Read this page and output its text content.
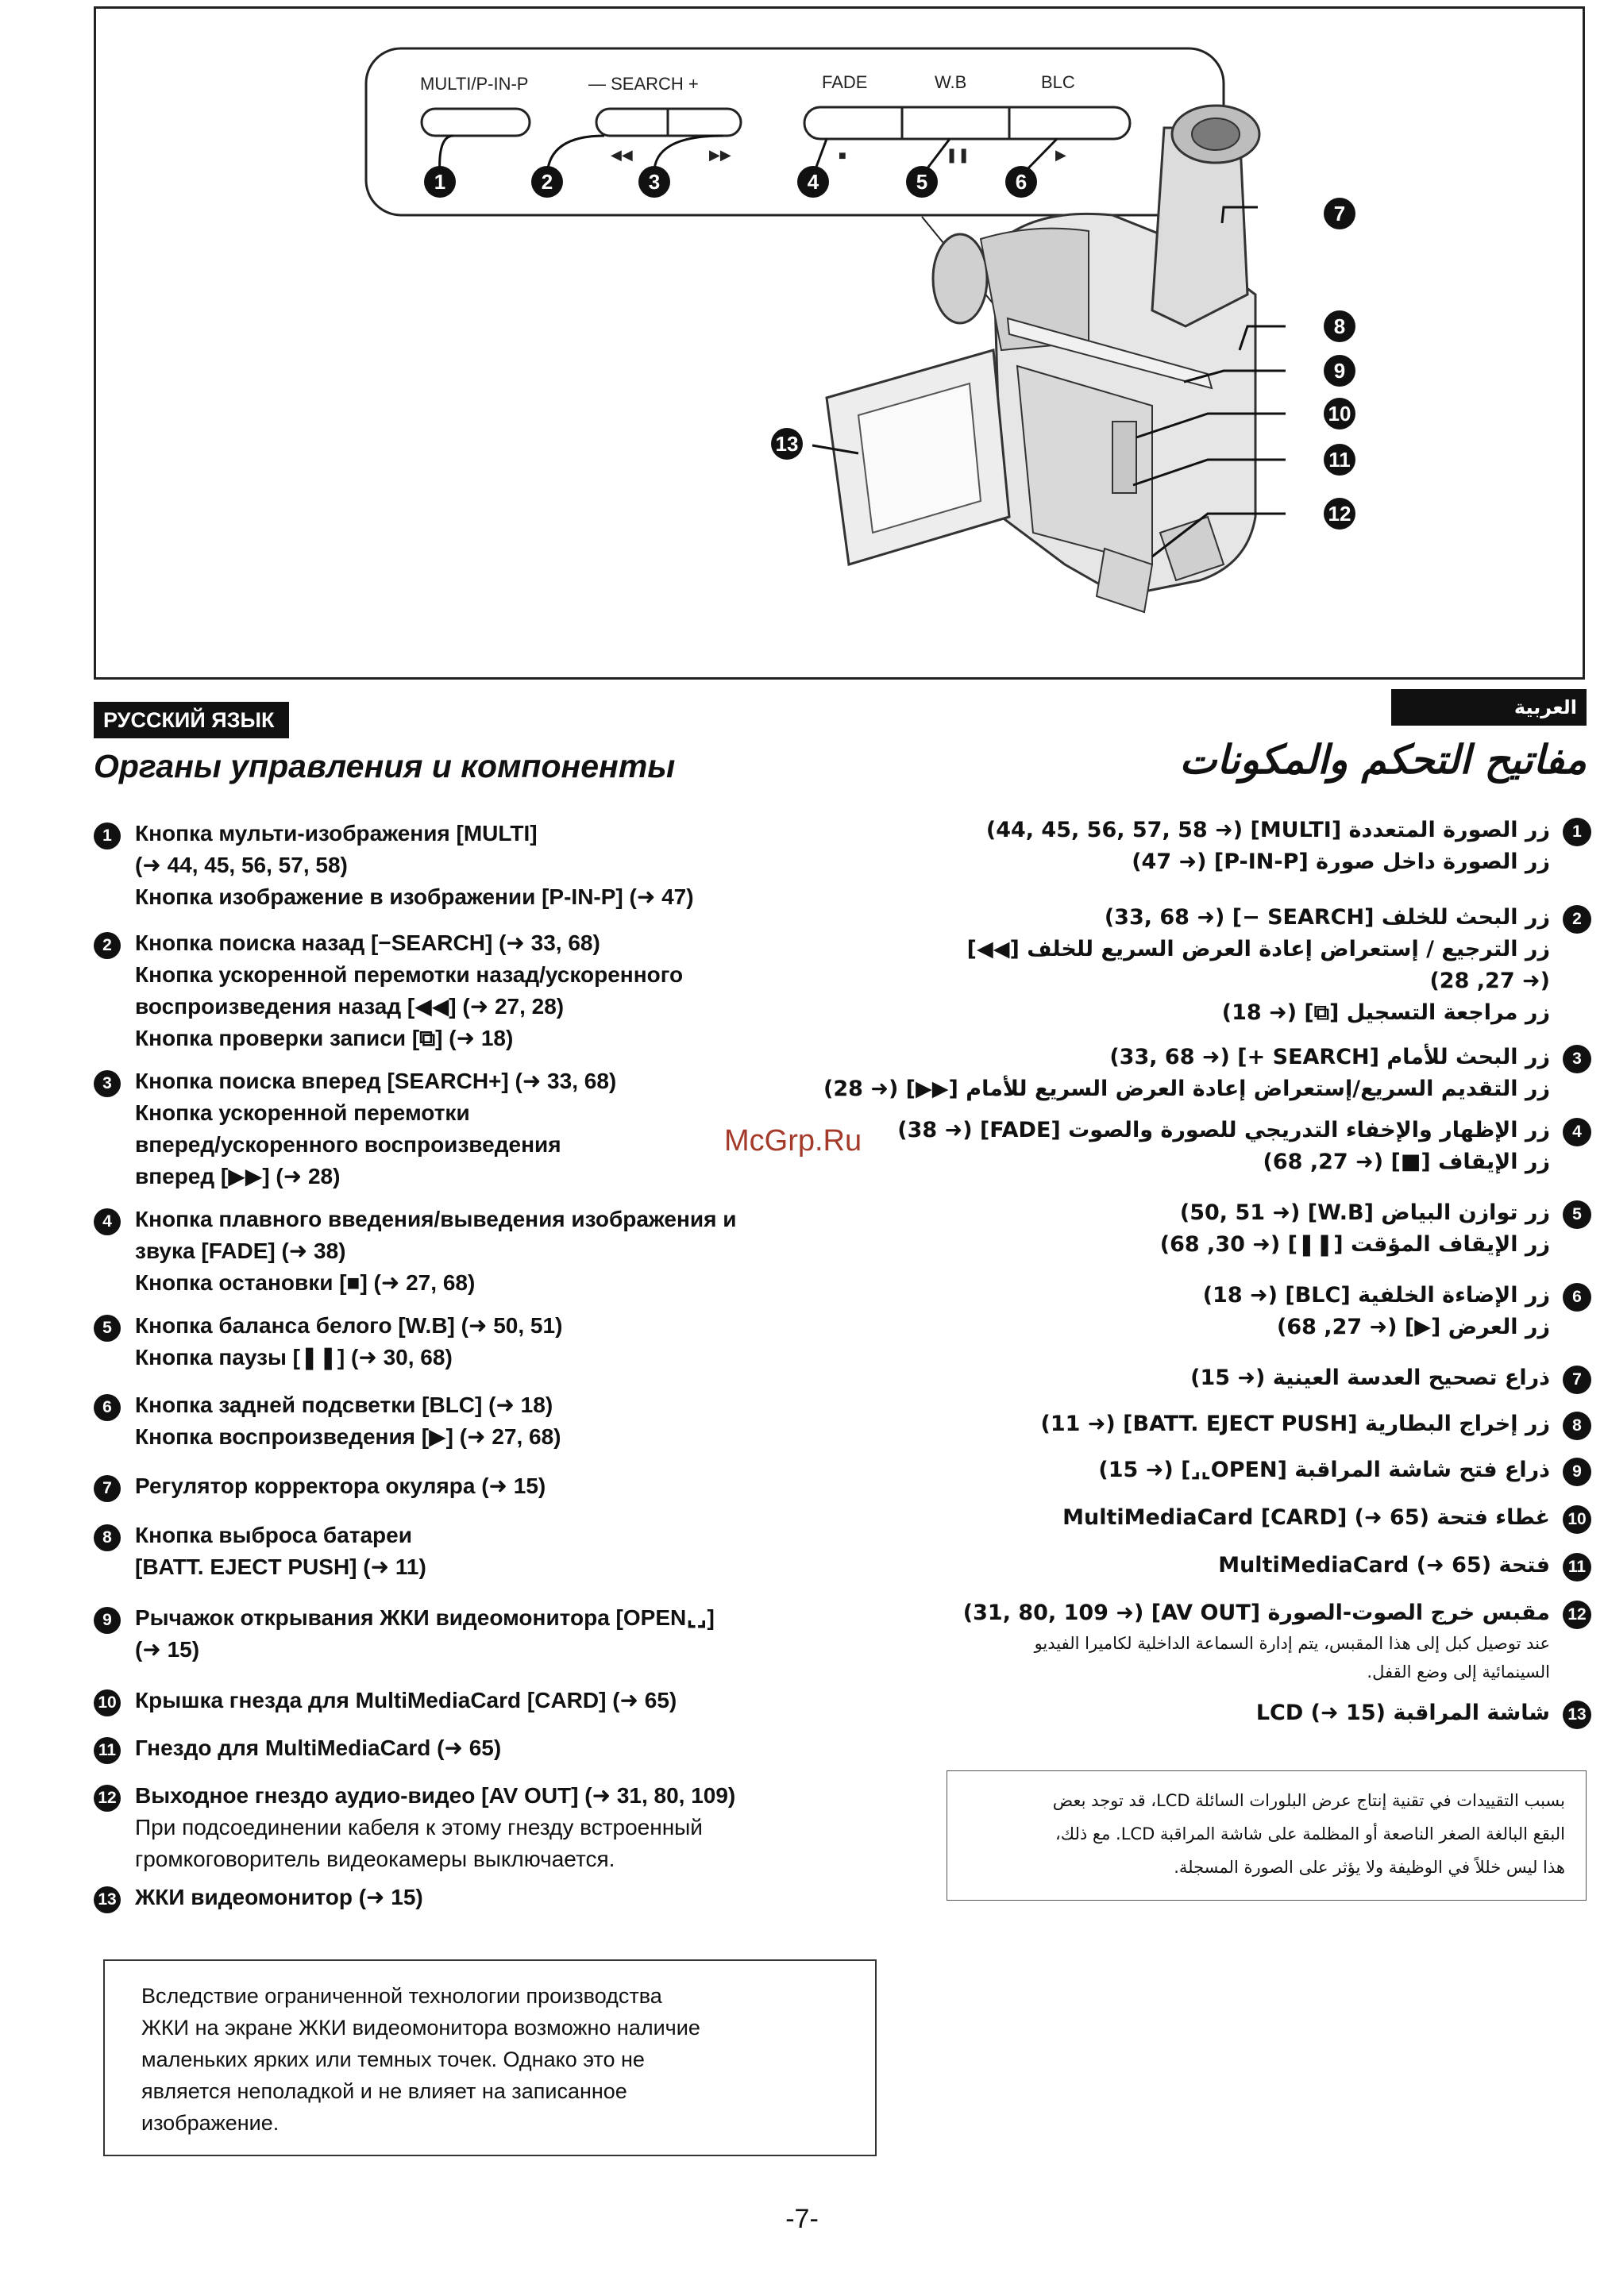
MULTI/P-IN-P	— SEARCH +	FADE	W.B	BLC
◀◀	▶▶	■	❚❚	▶
1	2	3	4	5	6
7
8
9
10
11
12
13
McGrp.Ru
РУССКИЙ ЯЗЫК
Органы управления и компоненты
العربية
مفاتيح التحكم والمكونات
1	Кнопка мульти-изображения [MULTI]
(➜ 44, 45, 56, 57, 58)
Кнопка изображение в изображении [P-IN-P] (➜ 47)
2	Кнопка поиска назад [−SEARCH] (➜ 33, 68)
Кнопка ускоренной перемотки назад/ускоренного
воспроизведения назад [◀◀] (➜ 27, 28)
Кнопка проверки записи [⧉] (➜ 18)
3	Кнопка поиска вперед [SEARCH+] (➜ 33, 68)
Кнопка ускоренной перемотки
вперед/ускоренного воспроизведения
вперед [▶▶] (➜ 28)
4	Кнопка плавного введения/выведения изображения и
звука [FADE] (➜ 38)
Кнопка остановки [■] (➜ 27, 68)
5	Кнопка баланса белого [W.B] (➜ 50, 51)
Кнопка паузы [❚❚] (➜ 30, 68)
6	Кнопка задней подсветки [BLC] (➜ 18)
Кнопка воспроизведения [▶] (➜ 27, 68)
7	Регулятор корректора окуляра (➜ 15)
8	Кнопка выброса батареи
[BATT. EJECT PUSH] (➜ 11)
9	Рычажок открывания ЖКИ видеомонитора [OPEN⌞⌟]
(➜ 15)
10 Крышка гнезда для MultiMediaCard [CARD] (➜ 65)
11 Гнездо для MultiMediaCard (➜ 65)
12 Выходное гнездо аудио-видео [AV OUT] (➜ 31, 80, 109)
При подсоединении кабеля к этому гнезду встроенный
громкоговоритель видеокамеры выключается.
13 ЖКИ видеомонитор (➜ 15)
1
زر الصورة المتعددة [MULTI] (➜ 44, 45, 56, 57, 58)
زر الصورة داخل صورة [P-IN-P] (➜ 47)
2
زر البحث للخلف [SEARCH −] (➜ 33, 68)
زر الترجيع / إستعراض إعادة العرض السريع للخلف [◀◀]
(➜ 27, 28)
زر مراجعة التسجيل [⧉] (➜ 18)
3
زر البحث للأمام [SEARCH +] (➜ 33, 68)
زر التقديم السريع/إستعراض إعادة العرض السريع للأمام [▶▶] (➜ 28)
4
زر الإظهار والإخفاء التدريجي للصورة والصوت [FADE] (➜ 38)
زر الإيقاف [■] (➜ 27, 68)
5
زر توازن البياض [W.B] (➜ 50, 51)
زر الإيقاف المؤقت [❚❚] (➜ 30, 68)
6
زر الإضاءة الخلفية [BLC] (➜ 18)
زر العرض [▶] (➜ 27, 68)
7
ذراع تصحيح العدسة العينية (➜ 15)
8
زر إخراج البطارية [BATT. EJECT PUSH] (➜ 11)
9
ذراع فتح شاشة المراقبة [OPEN⌞⌟] (➜ 15)
10
غطاء فتحة MultiMediaCard [CARD] (➜ 65)
11
فتحة MultiMediaCard (➜ 65)
12
مقبس خرج الصوت-الصورة [AV OUT] (➜ 31, 80, 109)
عند توصيل كبل إلى هذا المقبس، يتم إدارة السماعة الداخلية لكاميرا الفيديو
السينمائية إلى وضع القفل.
13
شاشة المراقبة LCD (➜ 15)
Вследствие ограниченной технологии производства
ЖКИ на экране ЖКИ видеомонитора возможно наличие
маленьких ярких или темных точек. Однако это не
является неполадкой и не влияет на записанное
изображение.
بسبب التقييدات في تقنية إنتاج عرض البلورات السائلة LCD، قد توجد بعض
البقع البالغة الصغر الناصعة أو المظلمة على شاشة المراقبة LCD. مع ذلك،
هذا ليس خللاً في الوظيفة ولا يؤثر على الصورة المسجلة.
-7-
